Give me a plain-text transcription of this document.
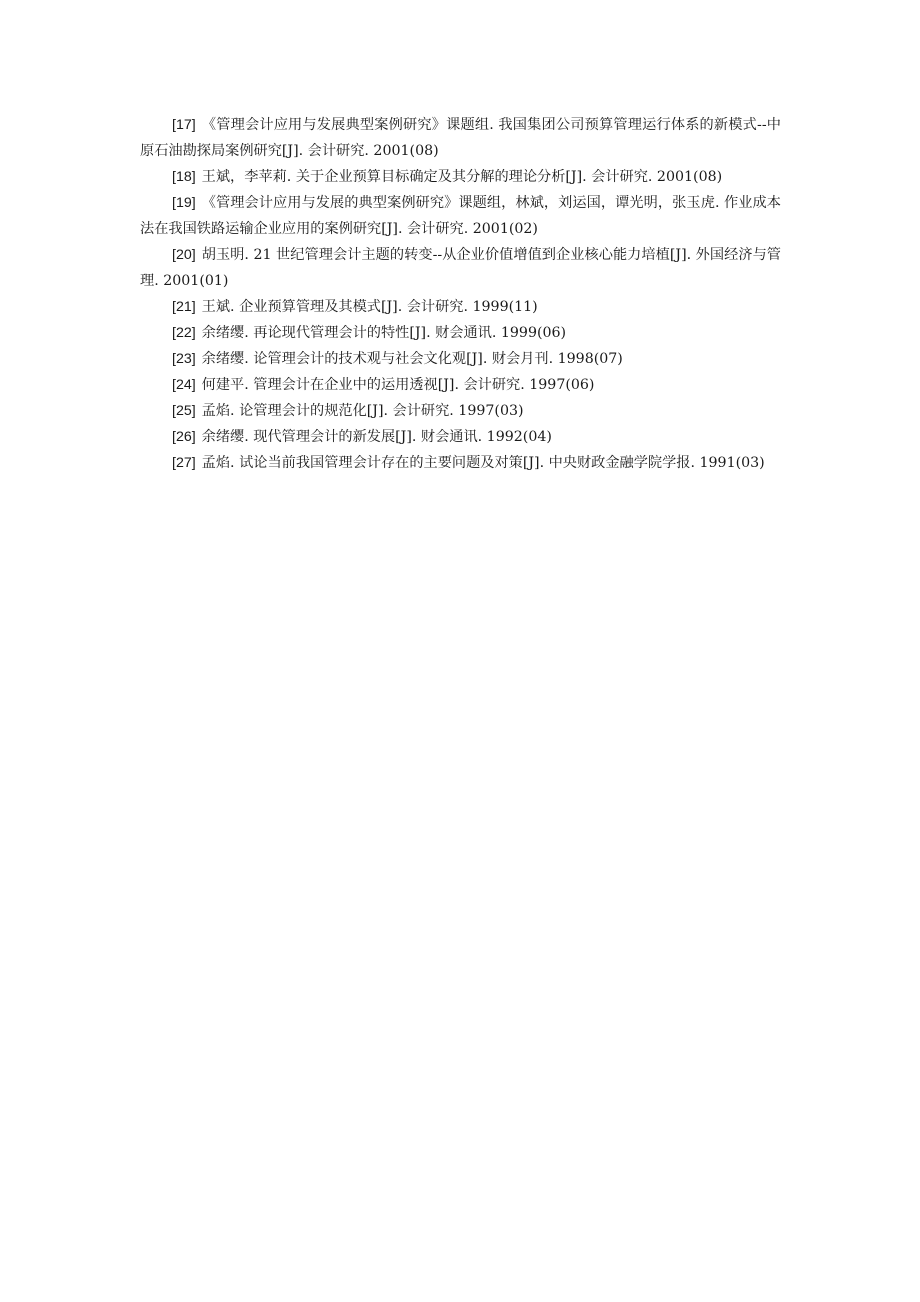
[17] 《管理会计应用与发展典型案例研究》课题组. 我国集团公司预算管理运行体系的新模式--中原石油勘探局案例研究[J]. 会计研究. 2001(08)

[18] 王斌，李苹莉. 关于企业预算目标确定及其分解的理论分析[J]. 会计研究. 2001(08)

[19] 《管理会计应用与发展的典型案例研究》课题组，林斌，刘运国，谭光明，张玉虎. 作业成本法在我国铁路运输企业应用的案例研究[J]. 会计研究. 2001(02)

[20] 胡玉明. 21 世纪管理会计主题的转变--从企业价值增值到企业核心能力培植[J]. 外国经济与管理. 2001(01)

[21] 王斌. 企业预算管理及其模式[J]. 会计研究. 1999(11)

[22] 余绪缨. 再论现代管理会计的特性[J]. 财会通讯. 1999(06)

[23] 余绪缨. 论管理会计的技术观与社会文化观[J]. 财会月刊. 1998(07)

[24] 何建平. 管理会计在企业中的运用透视[J]. 会计研究. 1997(06)

[25] 孟焰. 论管理会计的规范化[J]. 会计研究. 1997(03)

[26] 余绪缨. 现代管理会计的新发展[J]. 财会通讯. 1992(04)

[27] 孟焰. 试论当前我国管理会计存在的主要问题及对策[J]. 中央财政金融学院学报. 1991(03)
